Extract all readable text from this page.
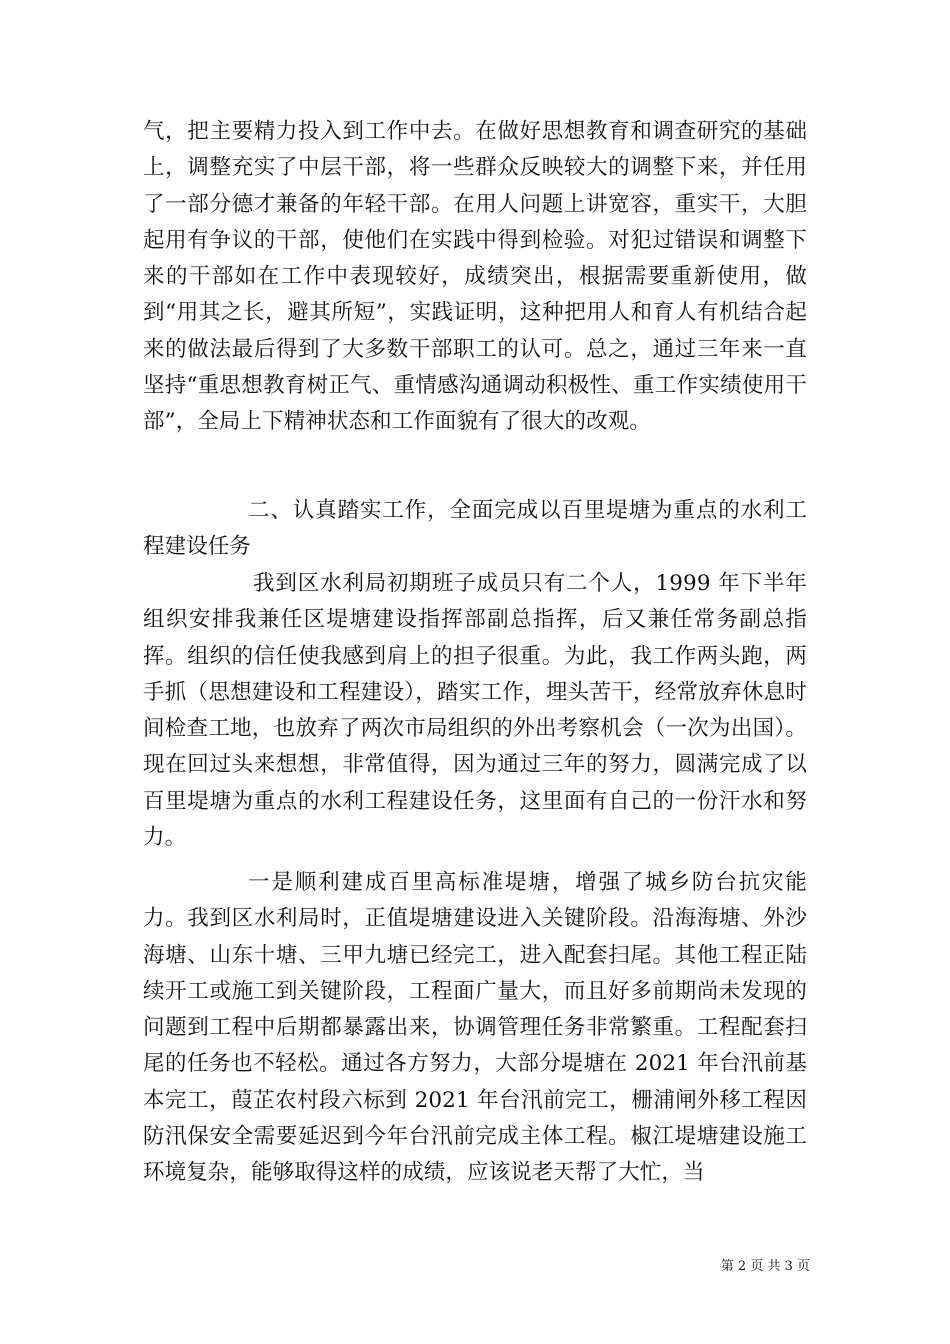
气，把主要精力投入到工作中去。在做好思想教育和调查研究的基础上，调整充实了中层干部，将一些群众反映较大的调整下来，并任用了一部分德才兼备的年轻干部。在用人问题上讲宽容，重实干，大胆起用有争议的干部，使他们在实践中得到检验。对犯过错误和调整下来的干部如在工作中表现较好，成绩突出，根据需要重新使用，做到“用其之长，避其所短”，实践证明，这种把用人和育人有机结合起来的做法最后得到了大多数干部职工的认可。总之，通过三年来一直坚持“重思想教育树正气、重情感沟通调动积极性、重工作实绩使用干部”，全局上下精神状态和工作面貌有了很大的改观。
二、认真踏实工作，全面完成以百里堤塘为重点的水利工程建设任务
我到区水利局初期班子成员只有二个人，1999 年下半年组织安排我兼任区堤塘建设指挥部副总指挥，后又兼任常务副总指挥。组织的信任使我感到肩上的担子很重。为此，我工作两头跑，两手抓（思想建设和工程建设），踏实工作，埋头苦干，经常放弃休息时间检查工地，也放弃了两次市局组织的外出考察机会（一次为出国）。现在回过头来想想，非常值得，因为通过三年的努力，圆满完成了以百里堤塘为重点的水利工程建设任务，这里面有自己的一份汗水和努力。
一是顺利建成百里高标准堤塘，增强了城乡防台抗灾能力。我到区水利局时，正值堤塘建设进入关键阶段。沿海海塘、外沙海塘、山东十塘、三甲九塘已经完工，进入配套扫尾。其他工程正陆续开工或施工到关键阶段，工程面广量大，而且好多前期尚未发现的问题到工程中后期都暴露出来，协调管理任务非常繁重。工程配套扫尾的任务也不轻松。通过各方努力，大部分堤塘在 2021 年台汛前基本完工，葭芷农村段六标到 2021 年台汛前完工，栅浦闸外移工程因防汛保安全需要延迟到今年台汛前完成主体工程。椒江堤塘建设施工环境复杂，能够取得这样的成绩，应该说老天帮了大忙，当
第 2 页 共 3 页
